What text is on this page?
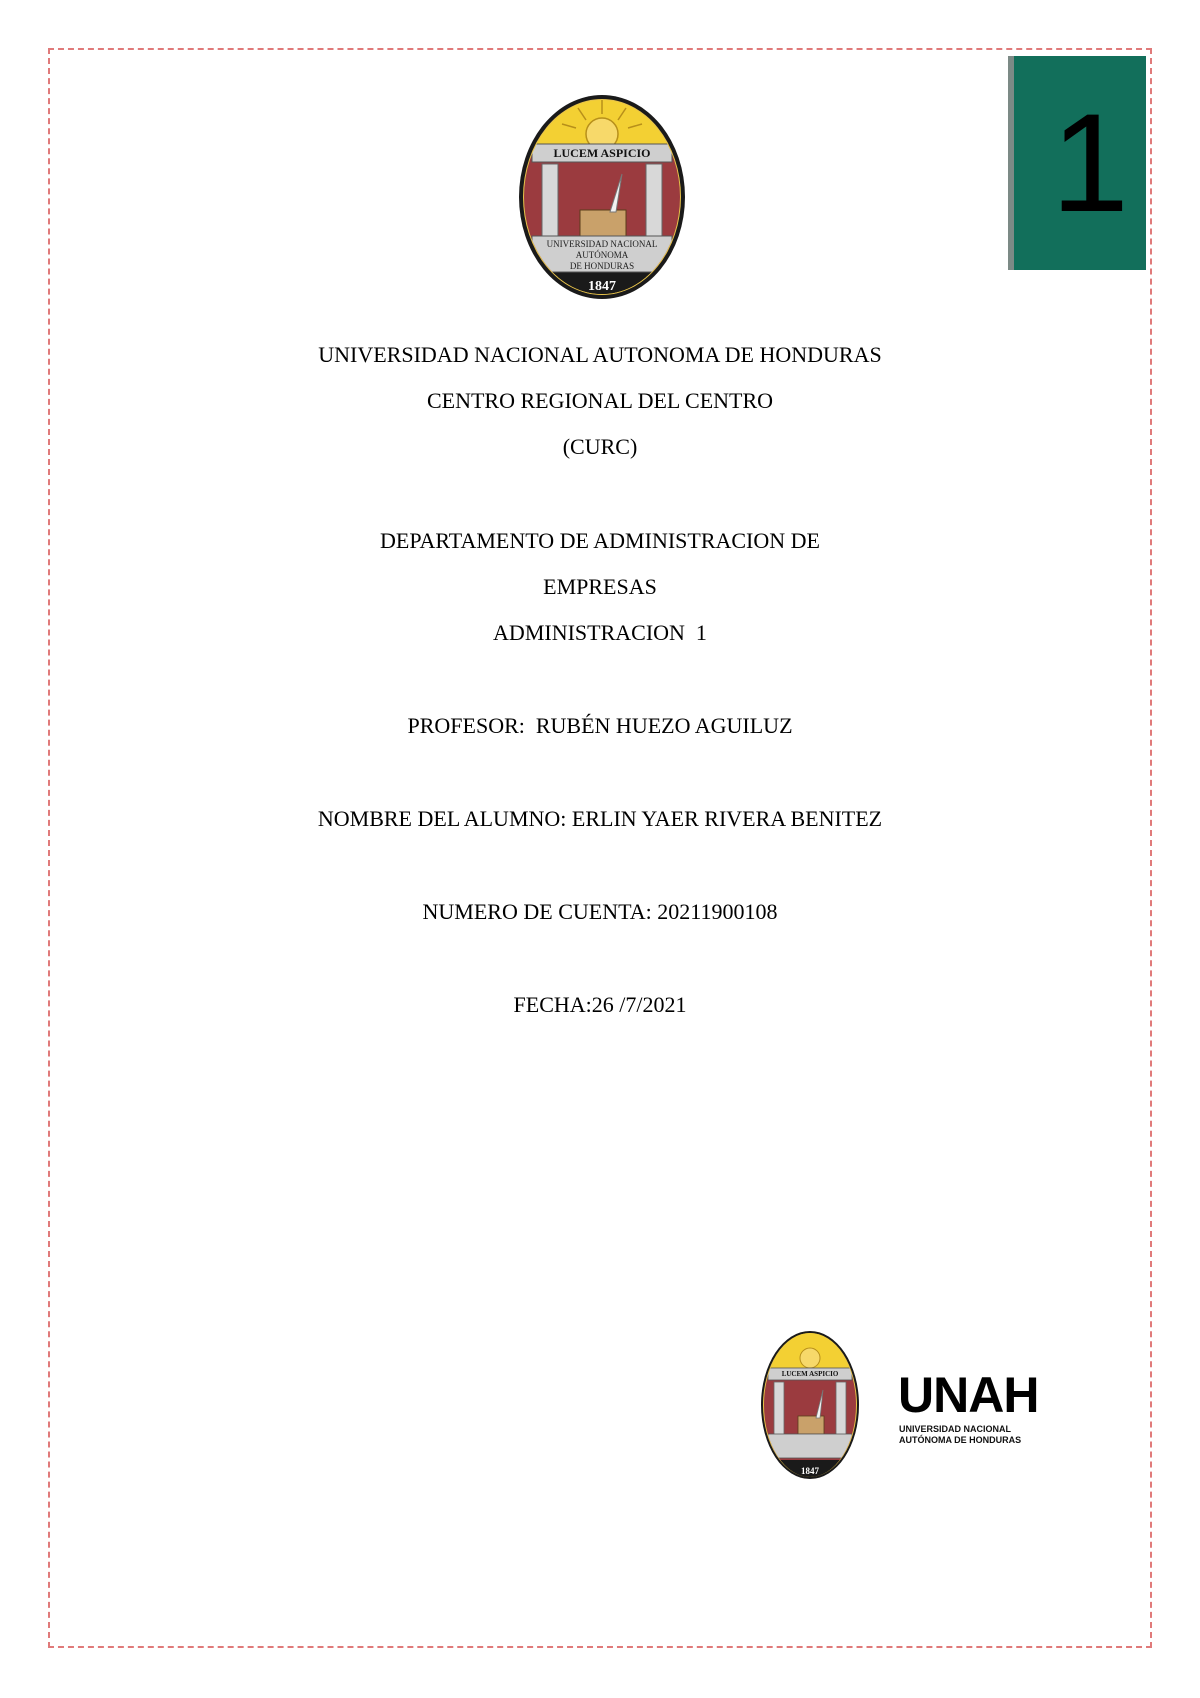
1
LUCEM ASPICIO
UNIVERSIDAD NACIONAL
AUTÓNOMA
DE HONDURAS
1847
UNIVERSIDAD NACIONAL AUTONOMA DE HONDURAS
CENTRO REGIONAL DEL CENTRO
(CURC)
DEPARTAMENTO DE ADMINISTRACION DE
EMPRESAS
ADMINISTRACION  1
PROFESOR:  RUBÉN HUEZO AGUILUZ
NOMBRE DEL ALUMNO: ERLIN YAER RIVERA BENITEZ
NUMERO DE CUENTA: 20211900108
FECHA:26 /7/2021
LUCEM ASPICIO
1847
UNAH
UNIVERSIDAD NACIONAL
AUTÓNOMA DE HONDURAS
